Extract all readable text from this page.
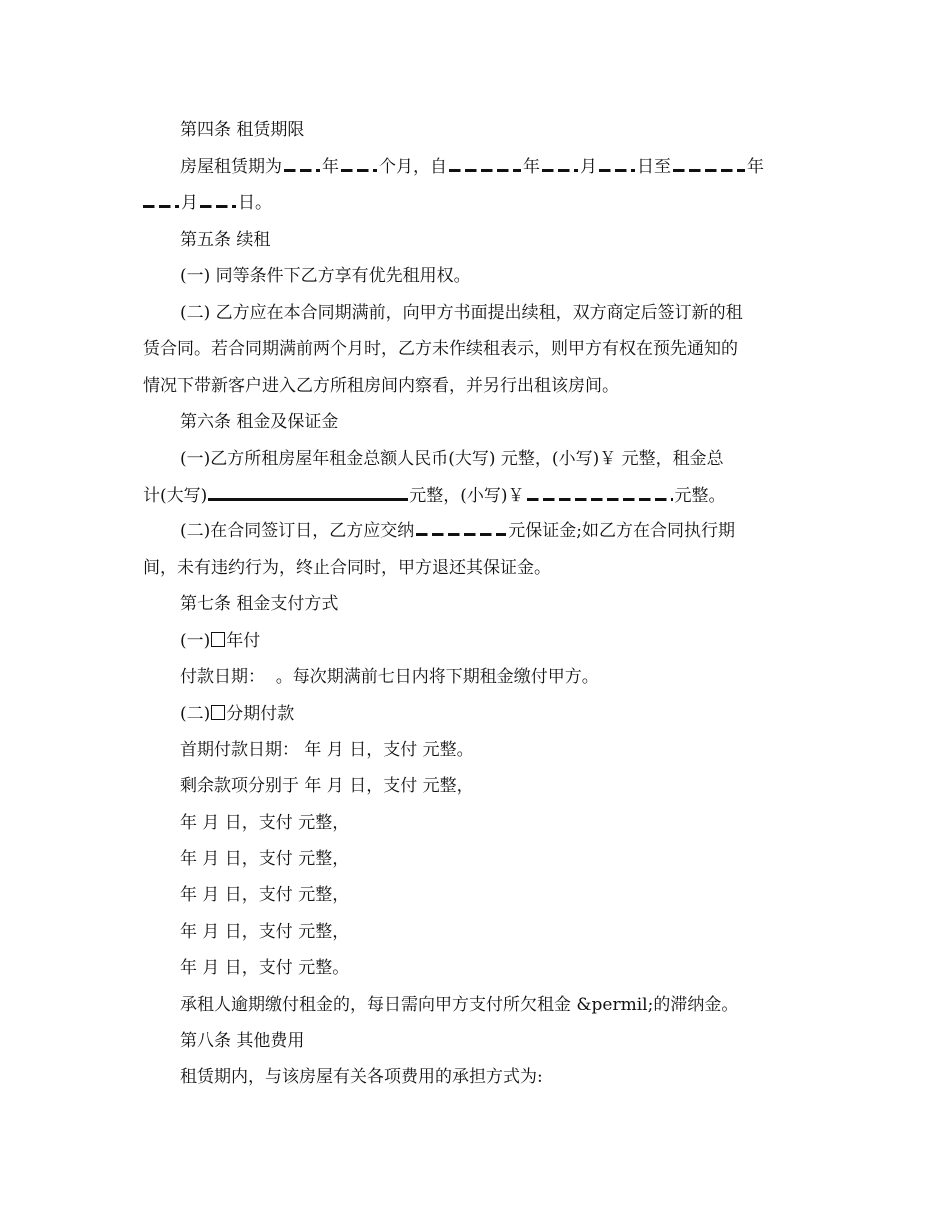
第四条 租赁期限
房屋租赁期为 年 个月，自	年 月 日至	年
月 日。
第五条 续租
(一) 同等条件下乙方享有优先租用权。
(二) 乙方应在本合同期满前，向甲方书面提出续租，双方商定后签订新的租
赁合同。若合同期满前两个月时，乙方未作续租表示，则甲方有权在预先通知的
情况下带新客户进入乙方所租房间内察看，并另行出租该房间。
第六条 租金及保证金
(一)乙方所租房屋年租金总额人民币(大写) 元整，(小写)￥ 元整，租金总
计(大写)	元整，(小写)￥	元整。
(二)在合同签订日，乙方应交纳	元保证金;如乙方在合同执行期
间，未有违约行为，终止合同时，甲方退还其保证金。
第七条 租金支付方式
(一) 年付
付款日期：  。每次期满前七日内将下期租金缴付甲方。
(二) 分期付款
首期付款日期： 年 月 日，支付 元整。
剩余款项分别于 年 月 日，支付 元整，
年 月 日，支付 元整，
年 月 日，支付 元整，
年 月 日，支付 元整，
年 月 日，支付 元整，
年 月 日，支付 元整。
承租人逾期缴付租金的，每日需向甲方支付所欠租金 &permil;的滞纳金。
第八条 其他费用
租赁期内，与该房屋有关各项费用的承担方式为:
